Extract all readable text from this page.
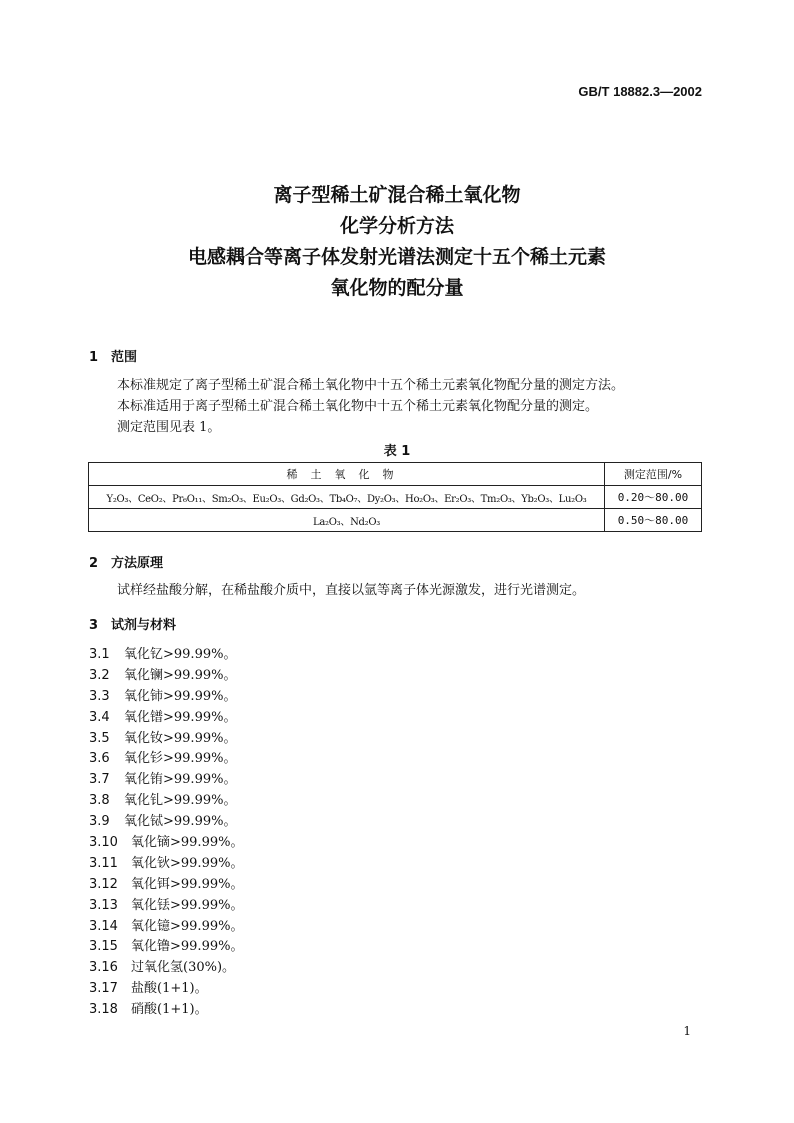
GB/T 18882.3—2002
离子型稀土矿混合稀土氧化物
化学分析方法
电感耦合等离子体发射光谱法测定十五个稀土元素
氧化物的配分量
1 范围
本标准规定了离子型稀土矿混合稀土氧化物中十五个稀土元素氧化物配分量的测定方法。
本标准适用于离子型稀土矿混合稀土氧化物中十五个稀土元素氧化物配分量的测定。
测定范围见表 1。
表 1
稀土氧化物	测定范围/%
Y₂O₃、CeO₂、Pr₆O₁₁、Sm₂O₃、Eu₂O₃、Gd₂O₃、Tb₄O₇、Dy₂O₃、Ho₂O₃、Er₂O₃、Tm₂O₃、Yb₂O₃、Lu₂O₃	0.20～80.00
La₂O₃、Nd₂O₃	0.50～80.00
2 方法原理
试样经盐酸分解，在稀盐酸介质中，直接以氩等离子体光源激发，进行光谱测定。
3 试剂与材料
3.1 氧化钇>99.99%。
3.2 氧化镧>99.99%。
3.3 氧化铈>99.99%。
3.4 氧化镨>99.99%。
3.5 氧化钕>99.99%。
3.6 氧化钐>99.99%。
3.7 氧化铕>99.99%。
3.8 氧化钆>99.99%。
3.9 氧化铽>99.99%。
3.10 氧化镝>99.99%。
3.11 氧化钬>99.99%。
3.12 氧化铒>99.99%。
3.13 氧化铥>99.99%。
3.14 氧化镱>99.99%。
3.15 氧化镥>99.99%。
3.16 过氧化氢(30%)。
3.17 盐酸(1+1)。
3.18 硝酸(1+1)。
1
